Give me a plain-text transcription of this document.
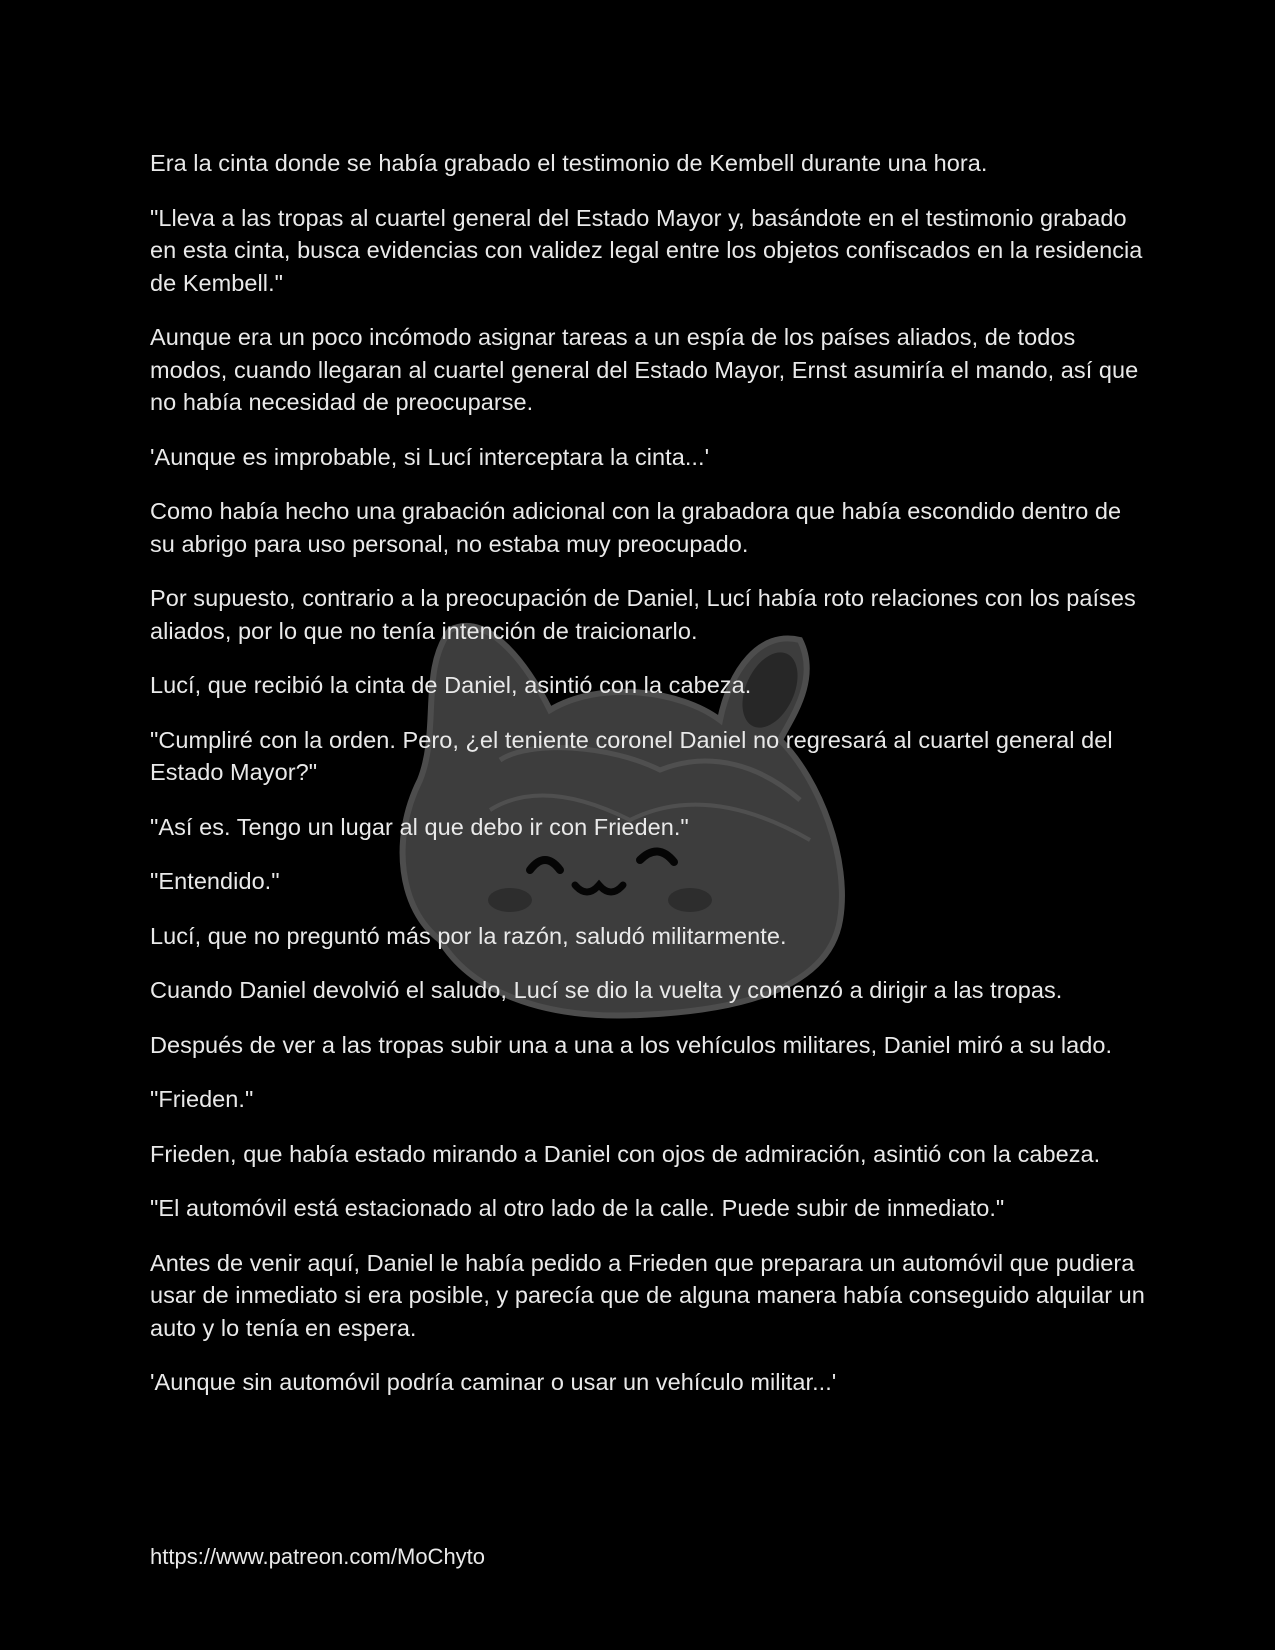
Era la cinta donde se había grabado el testimonio de Kembell durante una hora.

"Lleva a las tropas al cuartel general del Estado Mayor y, basándote en el testimonio grabado en esta cinta, busca evidencias con validez legal entre los objetos confiscados en la residencia de Kembell."

Aunque era un poco incómodo asignar tareas a un espía de los países aliados, de todos modos, cuando llegaran al cuartel general del Estado Mayor, Ernst asumiría el mando, así que no había necesidad de preocuparse.

'Aunque es improbable, si Lucí interceptara la cinta...'

Como había hecho una grabación adicional con la grabadora que había escondido dentro de su abrigo para uso personal, no estaba muy preocupado.

Por supuesto, contrario a la preocupación de Daniel, Lucí había roto relaciones con los países aliados, por lo que no tenía intención de traicionarlo.

Lucí, que recibió la cinta de Daniel, asintió con la cabeza.

"Cumpliré con la orden. Pero, ¿el teniente coronel Daniel no regresará al cuartel general del Estado Mayor?"

"Así es. Tengo un lugar al que debo ir con Frieden."

"Entendido."

Lucí, que no preguntó más por la razón, saludó militarmente.

Cuando Daniel devolvió el saludo, Lucí se dio la vuelta y comenzó a dirigir a las tropas.

Después de ver a las tropas subir una a una a los vehículos militares, Daniel miró a su lado.

"Frieden."

Frieden, que había estado mirando a Daniel con ojos de admiración, asintió con la cabeza.

"El automóvil está estacionado al otro lado de la calle. Puede subir de inmediato."

Antes de venir aquí, Daniel le había pedido a Frieden que preparara un automóvil que pudiera usar de inmediato si era posible, y parecía que de alguna manera había conseguido alquilar un auto y lo tenía en espera.

'Aunque sin automóvil podría caminar o usar un vehículo militar...'

https://www.patreon.com/MoChyto
